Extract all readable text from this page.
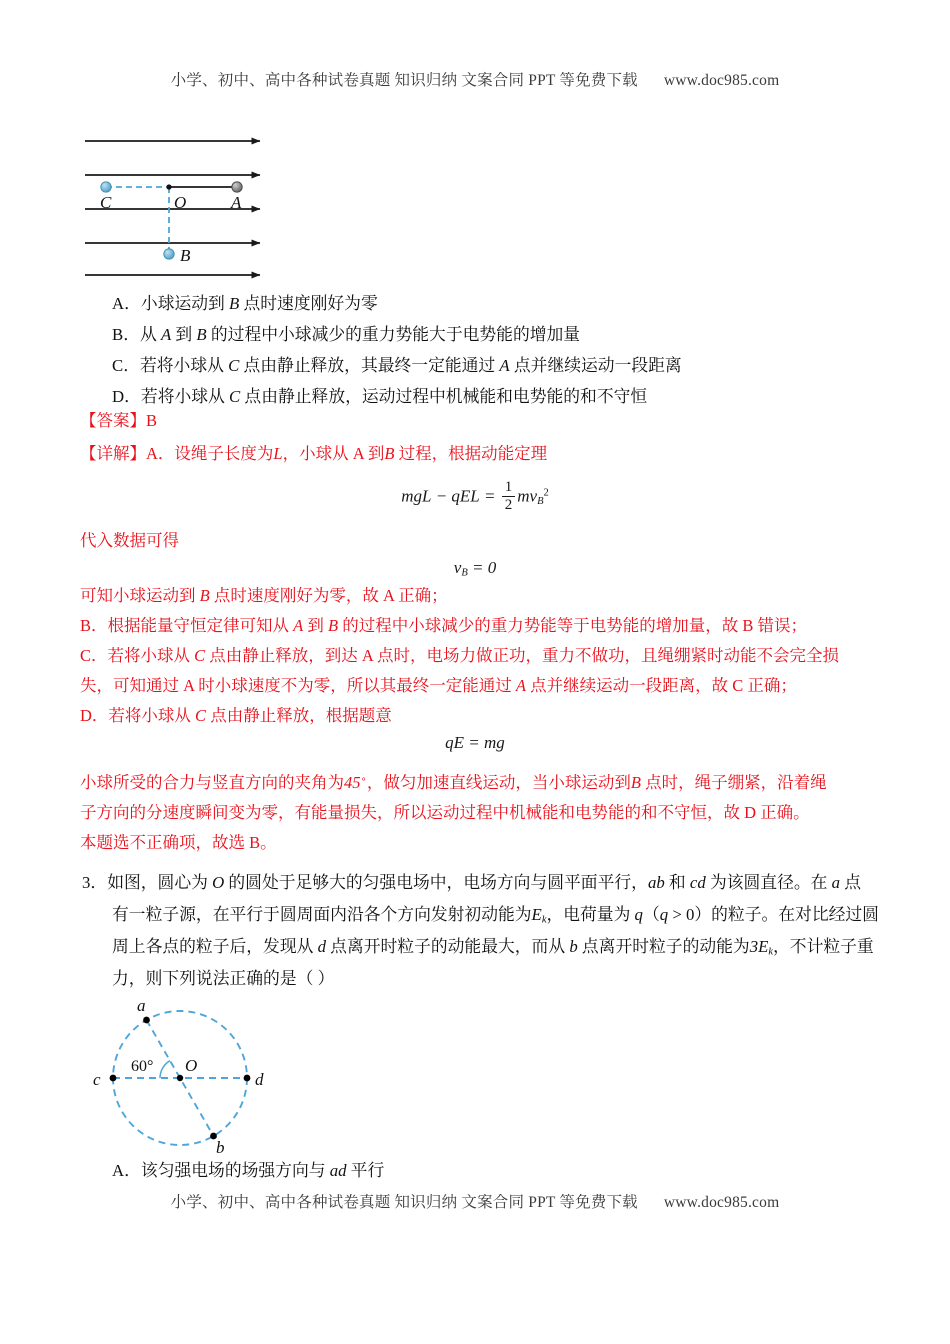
小学、初中、高中各种试卷真题 知识归纳 文案合同 PPT 等免费下载 www.doc985.com
C	O	A
B
A．小球运动到 B 点时速度刚好为零
B．从 A 到 B 的过程中小球减少的重力势能大于电势能的增加量
C．若将小球从 C 点由静止释放，其最终一定能通过 A 点并继续运动一段距离
D．若将小球从 C 点由静止释放，运动过程中机械能和电势能的和不守恒
【答案】B
【详解】A．设绳子长度为L，小球从 A 到B 过程，根据动能定理
mgL − qEL = $\frac{1}{2} mv_B^2$
代入数据可得
$v_B = 0$
可知小球运动到 B 点时速度刚好为零，故 A 正确；
B．根据能量守恒定律可知从 A 到 B 的过程中小球减少的重力势能等于电势能的增加量，故 B 错误；
C．若将小球从 C 点由静止释放，到达 A 点时，电场力做正功，重力不做功，且绳绷紧时动能不会完全损
失，可知通过 A 时小球速度不为零，所以其最终一定能通过 A 点并继续运动一段距离，故 C 正确；
D．若将小球从 C 点由静止释放，根据题意
qE = mg
小球所受的合力与竖直方向的夹角为45∘，做匀加速直线运动，当小球运动到B 点时，绳子绷紧，沿着绳
子方向的分速度瞬间变为零，有能量损失，所以运动过程中机械能和电势能的和不守恒，故 D 正确。
本题选不正确项，故选 B。
3．如图，圆心为 O 的圆处于足够大的匀强电场中，电场方向与圆平面平行，ab 和 cd 为该圆直径。在 a 点
有一粒子源，在平行于圆周面内沿各个方向发射初动能为$E_k$，电荷量为 q（q > 0）的粒子。在对比经过圆
周上各点的粒子后，发现从 d 点离开时粒子的动能最大，而从 b 点离开时粒子的动能为$3E_k$，不计粒子重
力，则下列说法正确的是（ ）
a
b
c	d
O
60°
A．该匀强电场的场强方向与 ad 平行
小学、初中、高中各种试卷真题 知识归纳 文案合同 PPT 等免费下载 www.doc985.com
